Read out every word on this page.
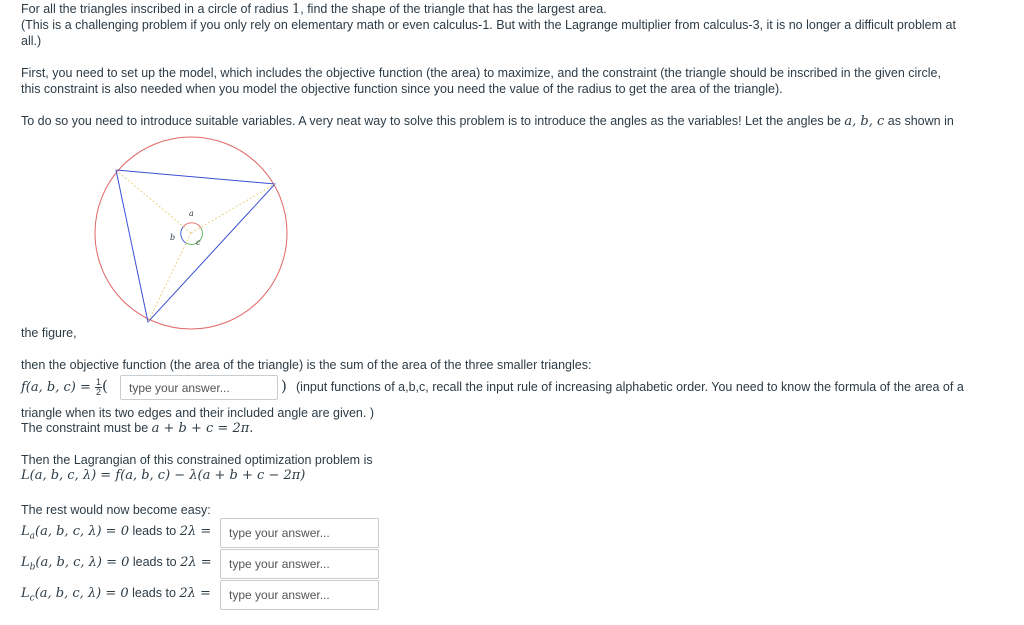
For all the triangles inscribed in a circle of radius 1, find the shape of the triangle that has the largest area.
(This is a challenging problem if you only rely on elementary math or even calculus-1. But with the Lagrange multiplier from calculus-3, it is no longer a difficult problem at
all.)
First, you need to set up the model, which includes the objective function (the area) to maximize, and the constraint (the triangle should be inscribed in the given circle,
this constraint is also needed when you model the objective function since you need the value of the radius to get the area of the triangle).
To do so you need to introduce suitable variables. A very neat way to solve this problem is to introduce the angles as the variables! Let the angles be a, b, c as shown in
a
b
c
the figure,
then the objective function (the area of the triangle) is the sum of the area of the three smaller triangles:
f(a, b, $c) = \frac{1}{2}$ ( type your answer...	) (input functions of a,b,c, recall the input rule of increasing alphabetic order. You need to know the formula of the area of a
triangle when its two edges and their included angle are given. )
The constraint must be a + b + c = 2π.
Then the Lagrangian of this constrained optimization problem is
L(a, b, c, λ) = f(a, b, c) − λ(a + b + c − 2π)
The rest would now become easy:
$L_a(a$, b, c, λ) = 0 leads to 2λ = type your answer...
$L_b(a$, b, c, λ) = 0 leads to 2λ = type your answer...
$L_c(a$, b, c, λ) = 0 leads to 2λ = type your answer...
